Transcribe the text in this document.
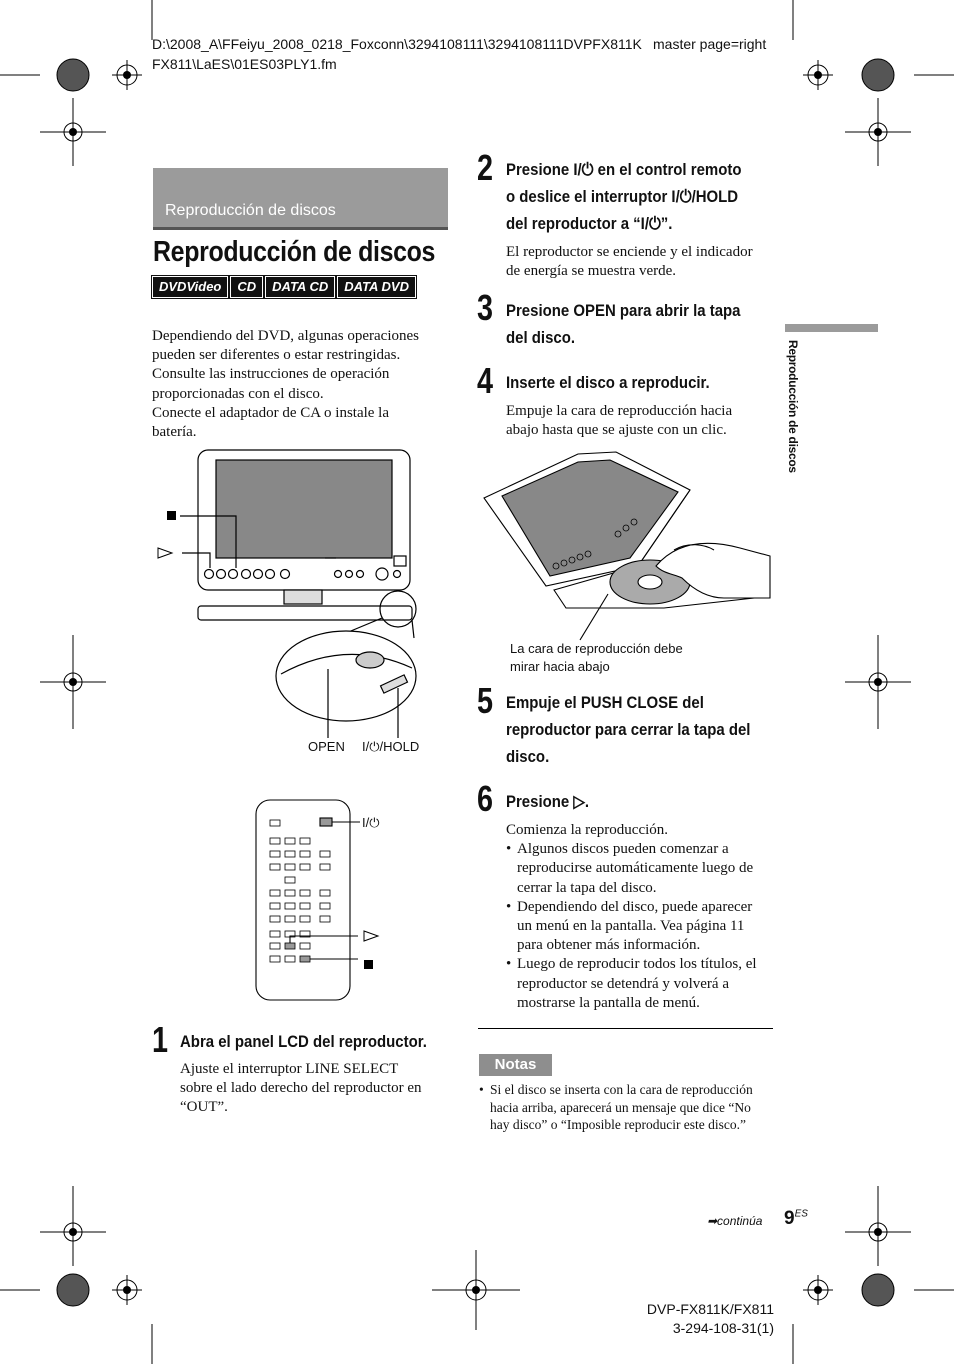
D:\2008_A\FFeiyu_2008_0218_Foxconn\3294108111\3294108111DVPFX811K
FX811\LaES\01ES03PLY1.fm
master page=right
Reproducción de discos
Reproducción de discos
DVDVideo	CD	DATA CD	DATA DVD
Dependiendo del DVD, algunas operaciones
pueden ser diferentes o estar restringidas.
Consulte las instrucciones de operación
proporcionadas con el disco.
Conecte el adaptador de CA o instale la
batería.
OPEN I/⏻/HOLD
I/⏻
1 Abra el panel LCD del reproductor.
Ajuste el interruptor LINE SELECT
sobre el lado derecho del reproductor en
“OUT”.
2 Presione I/⏻ en el control remoto
o deslice el interruptor I/⏻/HOLD
del reproductor a “I/⏻”.
El reproductor se enciende y el indicador
de energía se muestra verde.
3 Presione OPEN para abrir la tapa
del disco.
4 Inserte el disco a reproducir.
Empuje la cara de reproducción hacia
abajo hasta que se ajuste con un clic.
La cara de reproducción debe
mirar hacia abajo
5 Empuje el PUSH CLOSE del
reproductor para cerrar la tapa del
disco.
6 Presione ▷.
Comienza la reproducción.
• Algunos discos pueden comenzar a
reproducirse automáticamente luego de
cerrar la tapa del disco.
• Dependiendo del disco, puede aparecer
un menú en la pantalla. Vea página 11
para obtener más información.
• Luego de reproducir todos los títulos, el
reproductor se detendrá y volverá a
mostrarse la pantalla de menú.
Notas
• Si el disco se inserta con la cara de reproducción
hacia arriba, aparecerá un mensaje que dice “No
hay disco” o “Imposible reproducir este disco.”
Reproducción de discos
➡continúa $9^{ES}$
DVP-FX811K/FX811
3-294-108-31(1)
